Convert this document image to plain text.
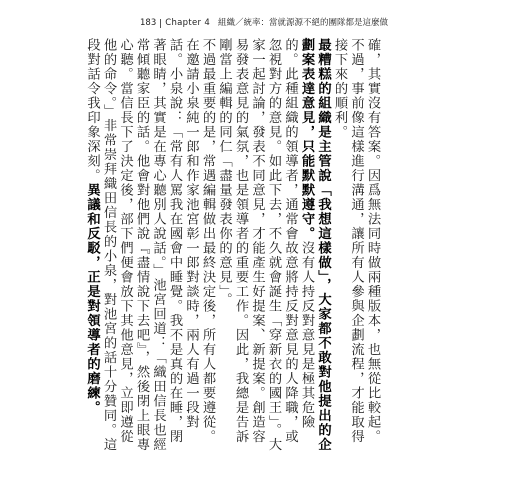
183 Chapter 4 組織／統率：當就源源不絕的團隊都是這麼做

確，其實沒有答案。因爲無法同時做兩種版本，也無從比較起。不過，事前像這樣進行溝通，讓所有人參與企劃流程，才能取得接下來的順利。

最糟糕的組織是主管說「我想這樣做」，大家都不敢對他提出的企劃案表達意見，只能默默遵守。沒有人持反對意見是極其危險的。此種組織的領導者，通常會故意將持反對意見的人降職，或忽視對方的意見。如此下去，不久就會誕生「穿新衣的國王」。大家一起討論，發表不同意見，才能產生好提案、新提案。創造容易發表意見的氣氛，也是領導者的重要工作。因此，我總是告訴剛當上編輯的同仁「盡量發表你的意見」。

不過最重要的是，常遇編輯做出最終決定後，所有人都要遵從。在邀請小泉純一郎和作家池宮彰一郎對談時，兩人有過一段對話。小泉說：「常有人罵我在國會中睡覺。我不是真的在睡，閉著眼睛，其實是在專心聽別人說話。」池宮回道：「織田信長也經常傾聽家臣的話。他會對他們說『盡情說下去吧』，然後閉上眼專心聽。當信長下了決定後，部下們便會放下其他意見，立即遵從他的命令。」非常崇拜織田信長的小泉，對池宮的話十分贊同。這段對話令我印象深刻。異議和反駁，正是對領導者的磨練。
